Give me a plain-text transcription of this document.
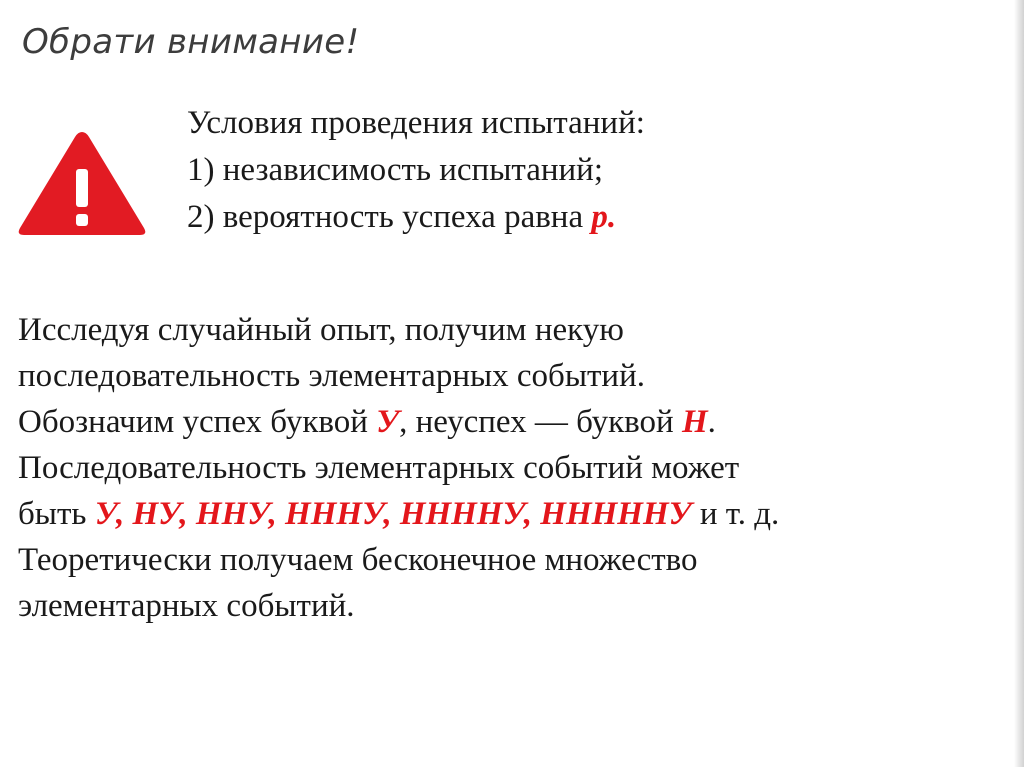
Обрати внимание!
Условия проведения испытаний:
1) независимость испытаний;
2) вероятность успеха равна р.
Исследуя случайный опыт, получим некую
последовательность элементарных событий.
Обозначим успех буквой У, неуспех — буквой Н.
Последовательность элементарных событий может
быть У, НУ, ННУ, НННУ, ННННУ, НННННУ и т. д.
Теоретически получаем бесконечное множество
элементарных событий.
